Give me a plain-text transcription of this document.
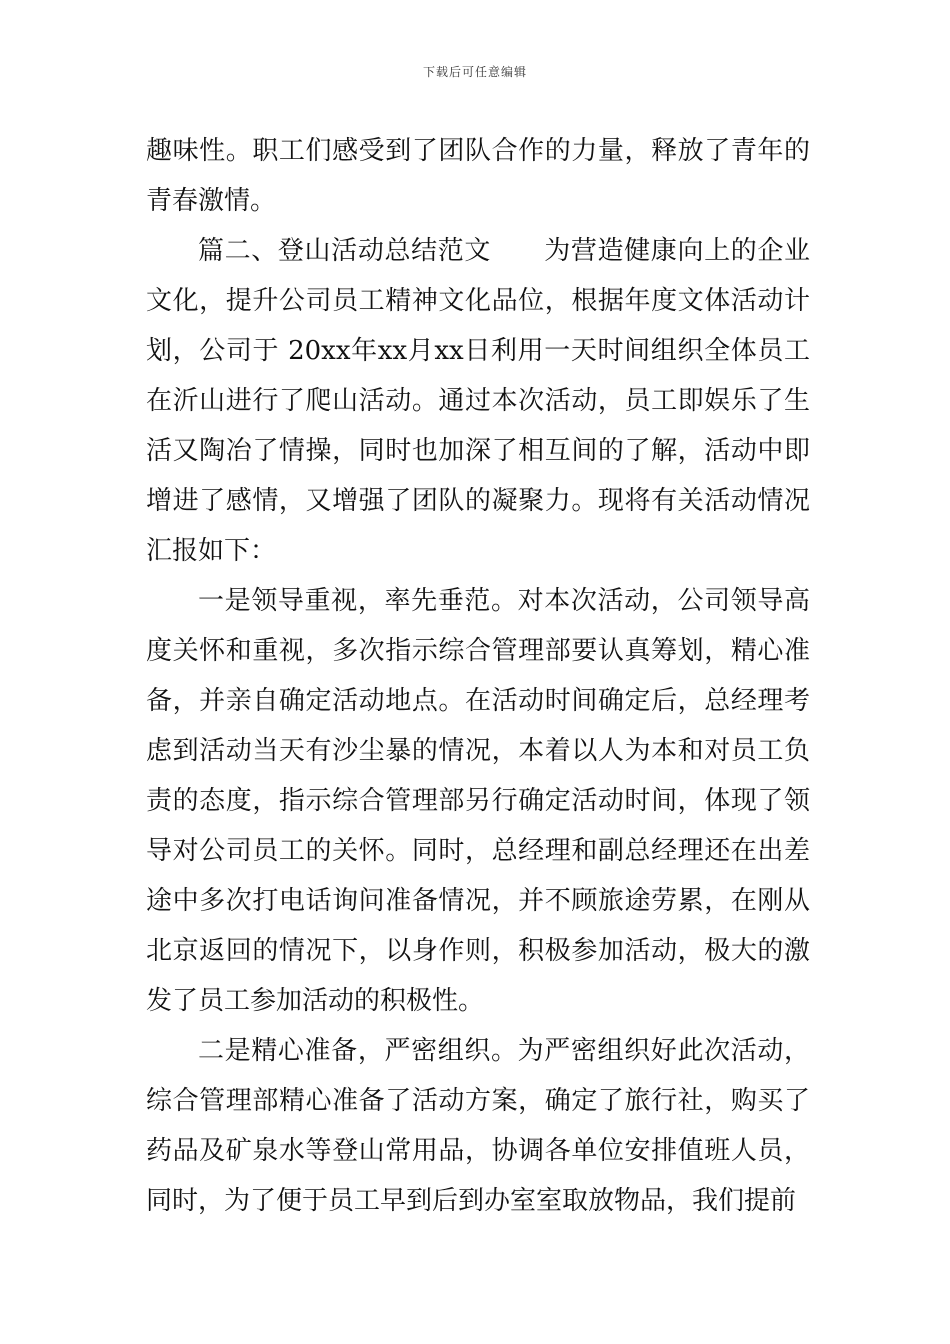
下载后可任意编辑

趣味性。职工们感受到了团队合作的力量，释放了青年的青春激情。

篇二、登山活动总结范文　　为营造健康向上的企业文化，提升公司员工精神文化品位，根据年度文体活动计划，公司于 20xx年xx月xx日利用一天时间组织全体员工在沂山进行了爬山活动。通过本次活动，员工即娱乐了生活又陶冶了情操，同时也加深了相互间的了解，活动中即增进了感情，又增强了团队的凝聚力。现将有关活动情况汇报如下：

一是领导重视，率先垂范。对本次活动，公司领导高度关怀和重视，多次指示综合管理部要认真筹划，精心准备，并亲自确定活动地点。在活动时间确定后，总经理考虑到活动当天有沙尘暴的情况，本着以人为本和对员工负责的态度，指示综合管理部另行确定活动时间，体现了领导对公司员工的关怀。同时，总经理和副总经理还在出差途中多次打电话询问准备情况，并不顾旅途劳累，在刚从北京返回的情况下，以身作则，积极参加活动，极大的激发了员工参加活动的积极性。

二是精心准备，严密组织。为严密组织好此次活动，综合管理部精心准备了活动方案，确定了旅行社，购买了药品及矿泉水等登山常用品，协调各单位安排值班人员，同时，为了便于员工早到后到办室室取放物品，我们提前
